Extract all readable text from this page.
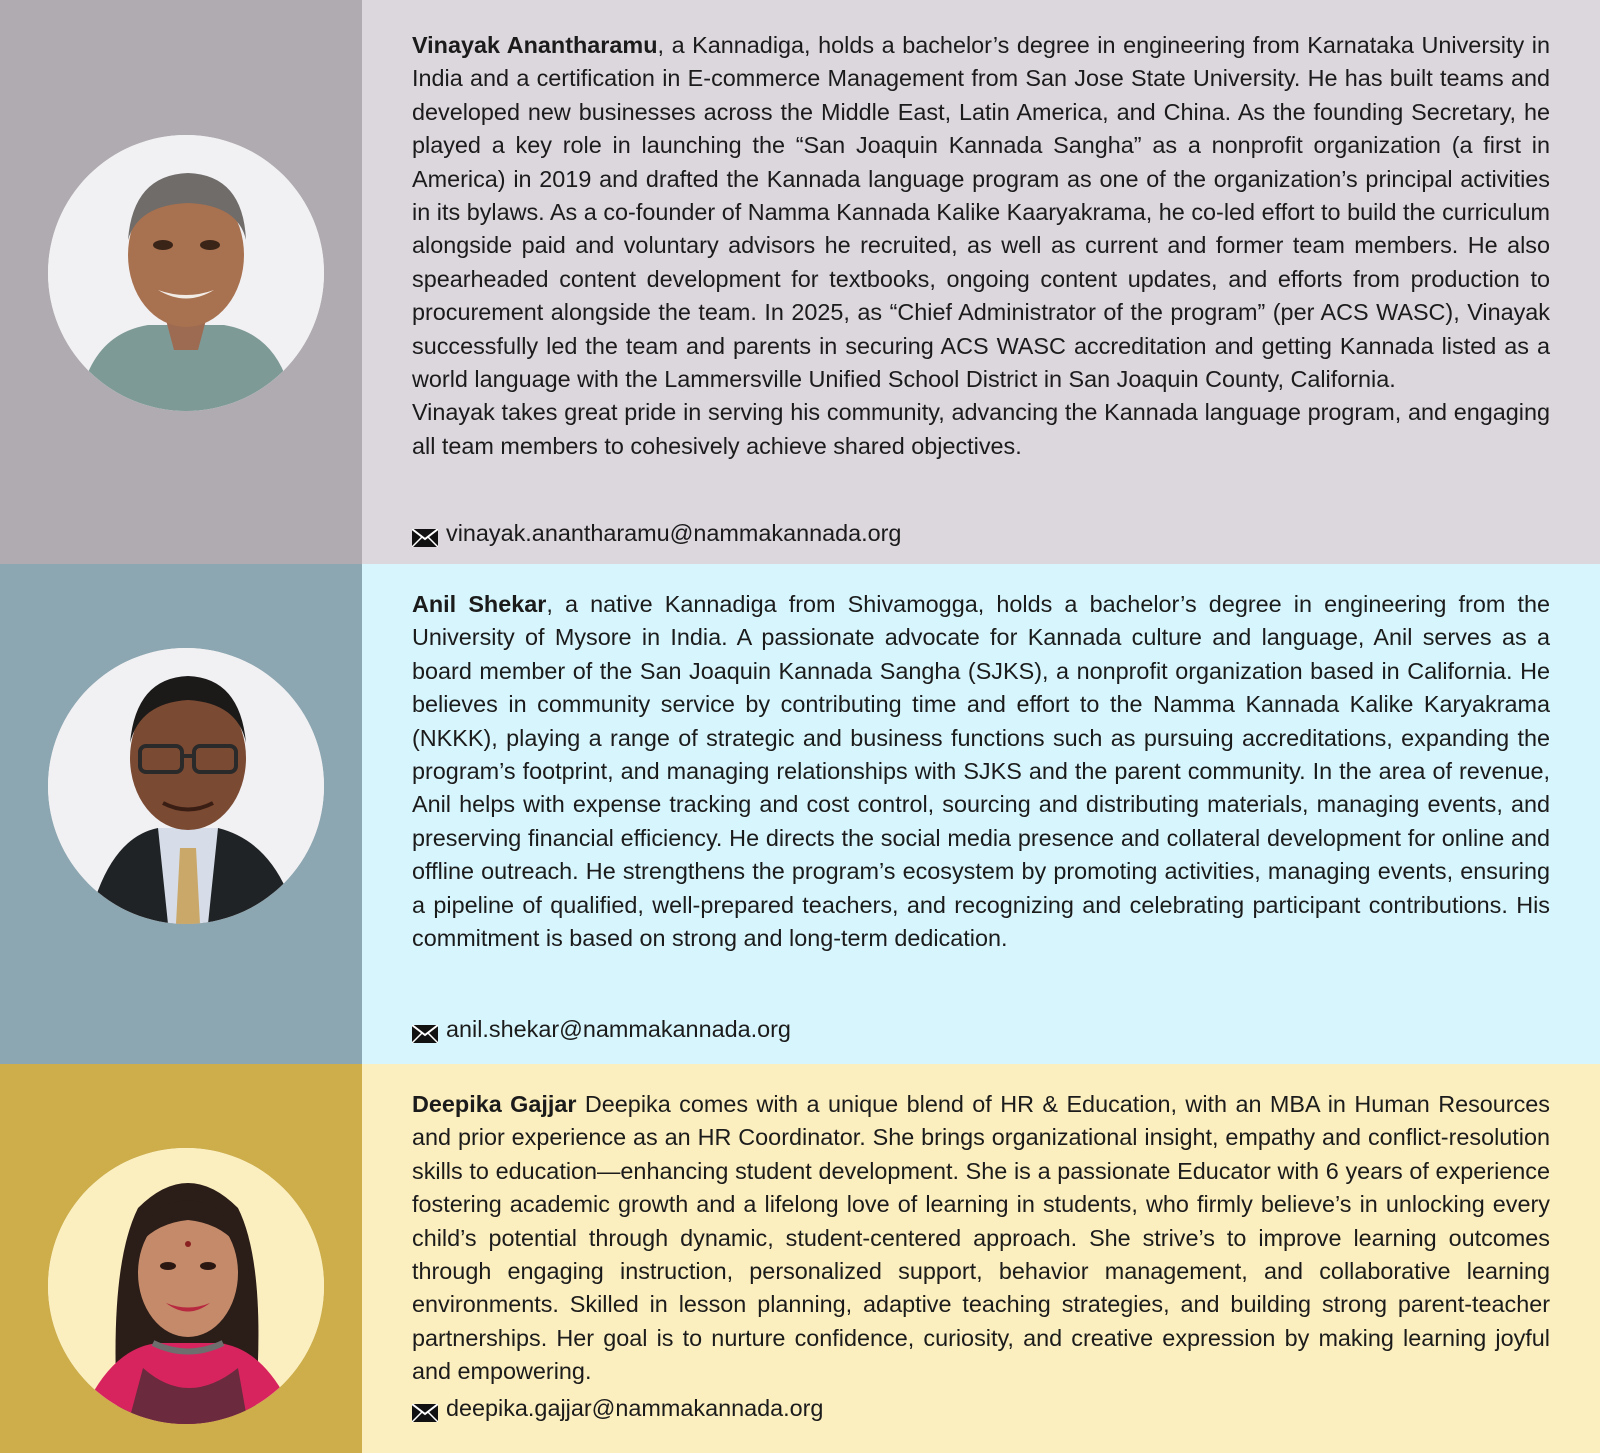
Vinayak Anantharamu, a Kannadiga, holds a bachelor’s degree in engineering from Karnataka University in India and a certification in E-commerce Management from San Jose State University. He has built teams and developed new businesses across the Middle East, Latin America, and China. As the founding Secretary, he played a key role in launching the “San Joaquin Kannada Sangha” as a nonprofit organization (a first in America) in 2019 and drafted the Kannada language program as one of the organization’s principal activities in its bylaws. As a co-founder of Namma Kannada Kalike Kaaryakrama, he co-led effort to build the curriculum alongside paid and voluntary advisors he recruited, as well as current and former team members. He also spearheaded content development for textbooks, ongoing content updates, and efforts from production to procurement alongside the team. In 2025, as “Chief Administrator of the program” (per ACS WASC), Vinayak successfully led the team and parents in securing ACS WASC accreditation and getting Kannada listed as a world language with the Lammersville Unified School District in San Joaquin County, California.

Vinayak takes great pride in serving his community, advancing the Kannada language program, and engaging all team members to cohesively achieve shared objectives.

vinayak.anantharamu@nammakannada.org

Anil Shekar, a native Kannadiga from Shivamogga, holds a bachelor’s degree in engineering from the University of Mysore in India. A passionate advocate for Kannada culture and language, Anil serves as a board member of the San Joaquin Kannada Sangha (SJKS), a nonprofit organization based in California. He believes in community service by contributing time and effort to the Namma Kannada Kalike Karyakrama (NKKK), playing a range of strategic and business functions such as pursuing accreditations, expanding the program’s footprint, and managing relationships with SJKS and the parent community. In the area of revenue, Anil helps with expense tracking and cost control, sourcing and distributing materials, managing events, and preserving financial efficiency. He directs the social media presence and collateral development for online and offline outreach. He strengthens the program’s ecosystem by promoting activities, managing events, ensuring a pipeline of qualified, well-prepared teachers, and recognizing and celebrating participant contributions. His commitment is based on strong and long-term dedication.

anil.shekar@nammakannada.org

Deepika Gajjar Deepika comes with a unique blend of HR & Education, with an MBA in Human Resources and prior experience as an HR Coordinator. She brings organizational insight, empathy and conflict-resolution skills to education—enhancing student development. She is a passionate Educator with 6 years of experience fostering academic growth and a lifelong love of learning in students, who firmly believe’s in unlocking every child’s potential through dynamic, student-centered approach. She strive’s to improve learning outcomes through engaging instruction, personalized support, behavior management, and collaborative learning environments. Skilled in lesson planning, adaptive teaching strategies, and building strong parent-teacher partnerships. Her goal is to nurture confidence, curiosity, and creative expression by making learning joyful and empowering.

deepika.gajjar@nammakannada.org
